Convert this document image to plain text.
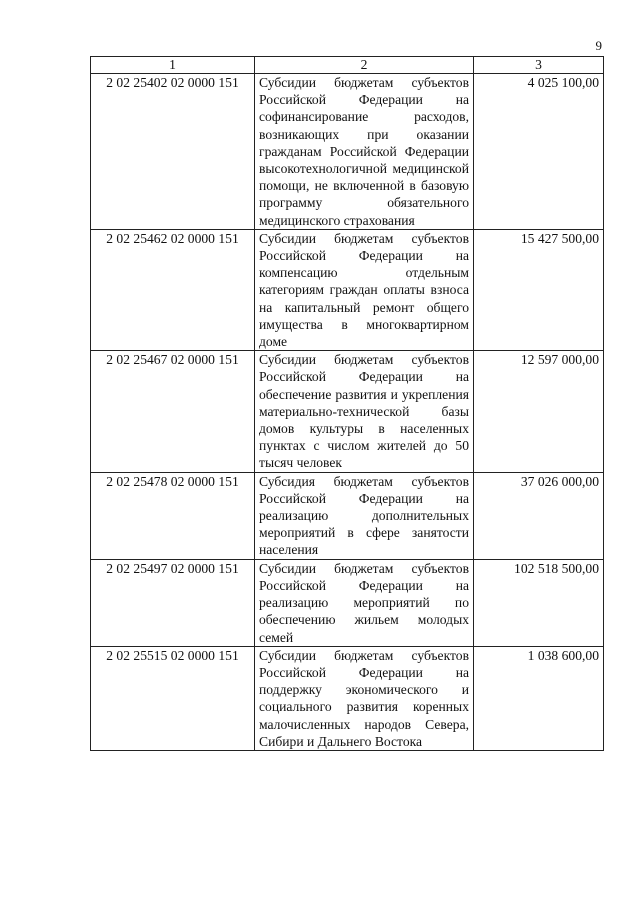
9
1	2	3
2 02 25402 02 0000 151	Субсидии бюджетам субъектов Российской Федерации на софинансирование расходов, возникающих при оказании гражданам Российской Федерации высокотехнологичной медицинской помощи, не включенной в базовую программу обязательного медицинского страхования	4 025 100,00
2 02 25462 02 0000 151	Субсидии бюджетам субъектов Российской Федерации на компенсацию отдельным категориям граждан оплаты взноса на капитальный ремонт общего имущества в многоквартирном доме	15 427 500,00
2 02 25467 02 0000 151	Субсидии бюджетам субъектов Российской Федерации на обеспечение развития и укрепления материально-технической базы домов культуры в населенных пунктах с числом жителей до 50 тысяч человек	12 597 000,00
2 02 25478 02 0000 151	Субсидия бюджетам субъектов Российской Федерации на реализацию дополнительных мероприятий в сфере занятости населения	37 026 000,00
2 02 25497 02 0000 151	Субсидии бюджетам субъектов Российской Федерации на реализацию мероприятий по обеспечению жильем молодых семей	102 518 500,00
2 02 25515 02 0000 151	Субсидии бюджетам субъектов Российской Федерации на поддержку экономического и социального развития коренных малочисленных народов Севера, Сибири и Дальнего Востока	1 038 600,00
